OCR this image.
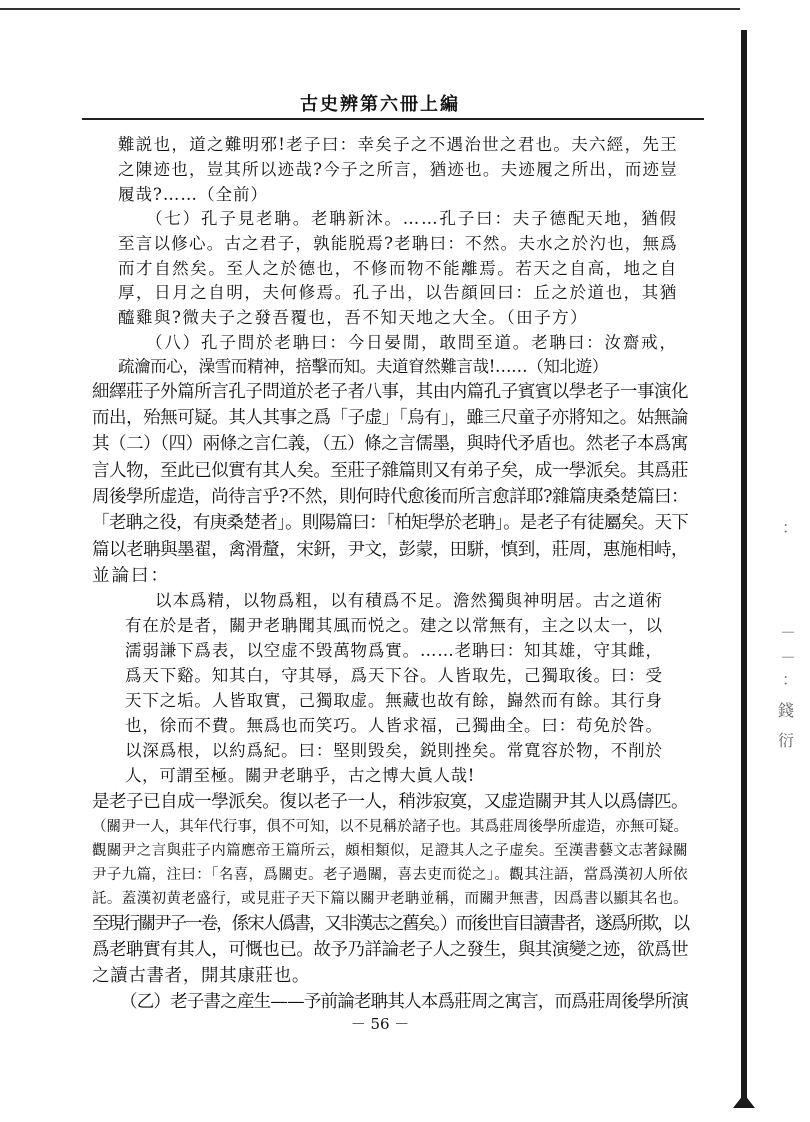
古史辨第六冊上編
難説也，道之難明邪!老子曰：幸矣子之不遇治世之君也。夫六經，先王
之陳迹也，豈其所以迹哉?今子之所言，猶迹也。夫迹履之所出，而迹豈
履哉?……（全前）
（七）孔子見老聃。老聃新沐。……孔子曰：夫子德配天地，猶假
至言以修心。古之君子，孰能脱焉?老聃曰：不然。夫水之於汋也，無爲
而才自然矣。至人之於德也，不修而物不能離焉。若天之自高，地之自
厚，日月之自明，夫何修焉。孔子出，以告顔回曰：丘之於道也，其猶
醯雞與?微夫子之發吾覆也，吾不知天地之大全。（田子方）
（八）孔子問於老聃曰：今日晏閒，敢問至道。老聃曰：汝齋戒，
疏瀹而心，澡雪而精神，掊擊而知。夫道窅然難言哉!……（知北遊）
細繹莊子外篇所言孔子問道於老子者八事，其由内篇孔子賓賓以學老子一事演化
而出，殆無可疑。其人其事之爲「子虚」「烏有」，雖三尺童子亦將知之。姑無論
其（二）（四）兩條之言仁義，（五）條之言儒墨，與時代矛盾也。然老子本爲寓
言人物，至此已似實有其人矣。至莊子雜篇則又有弟子矣，成一學派矣。其爲莊
周後學所虚造，尚待言乎?不然，則何時代愈後而所言愈詳耶?雜篇庚桑楚篇曰：
「老聃之役，有庚桑楚者」。則陽篇曰：「柏矩學於老聃」。是老子有徒屬矣。天下
篇以老聃與墨翟，禽滑釐，宋鈃，尹文，彭蒙，田駢，慎到，莊周，惠施相峙，
並論曰：
以本爲精，以物爲粗，以有積爲不足。澹然獨與神明居。古之道術
有在於是者，關尹老聃聞其風而悦之。建之以常無有，主之以太一，以
濡弱謙下爲表，以空虚不毁萬物爲實。……老聃曰：知其雄，守其雌，
爲天下谿。知其白，守其辱，爲天下谷。人皆取先，己獨取後。曰：受
天下之垢。人皆取實，己獨取虚。無藏也故有餘，巋然而有餘。其行身
也，徐而不費。無爲也而笑巧。人皆求福，己獨曲全。曰：苟免於咎。
以深爲根，以約爲紀。曰：堅則毁矣，鋭則挫矣。常寬容於物，不削於
人，可謂至極。關尹老聃乎，古之博大眞人哉!
是老子已自成一學派矣。復以老子一人，稍涉寂寞，又虚造關尹其人以爲儔匹。
（關尹一人，其年代行事，俱不可知，以不見稱於諸子也。其爲莊周後學所虚造，亦無可疑。
觀關尹之言與莊子内篇應帝王篇所云，頗相類似，足證其人之子虚矣。至漢書藝文志著録關
尹子九篇，注曰：「名喜，爲關吏。老子過關，喜去吏而從之」。觀其注語，當爲漢初人所依
託。蓋漢初黄老盛行，或見莊子天下篇以關尹老聃並稱，而關尹無書，因爲書以顯其名也。
至現行關尹子一卷，係宋人僞書，又非漢志之舊矣。）而後世盲目讀書者，遂爲所欺，以
爲老聃實有其人，可慨也已。故予乃詳論老子人之發生，與其演變之迹，欲爲世
之讀古書者，開其康莊也。
（乙）老子書之産生——予前論老聃其人本爲莊周之寓言，而爲莊周後學所演
：
－
－
：
錢
衍
－ 56 －
